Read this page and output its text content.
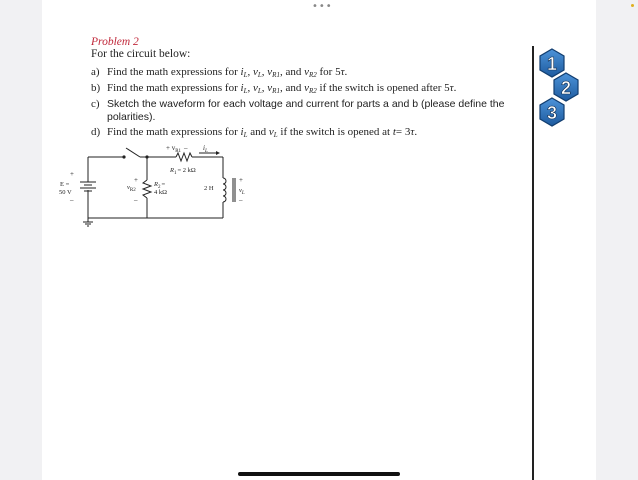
•••
Problem 2
For the circuit below:
a) Find the math expressions for $i_L$, $v_L$, $v_{R1}$, and $v_{R2}$ for 5τ.
b) Find the math expressions for $i_L$, $v_L$, $v_{R1}$, and $v_{R2}$ if the switch is opened after 5τ.
c) Sketch the waveform for each voltage and current for parts a and b (please define the polarities).
d) Find the math expressions for $i_L$ and $v_L$ if the switch is opened at t= 3τ.
+
E =
50 V
–
+ $v_{R1} - i_L$
$R_1= 2$ kΩ
+
$v_{R2}$
–
$R_2=$
4 kΩ
2 H
+
$v_L$
–
1
2
3
